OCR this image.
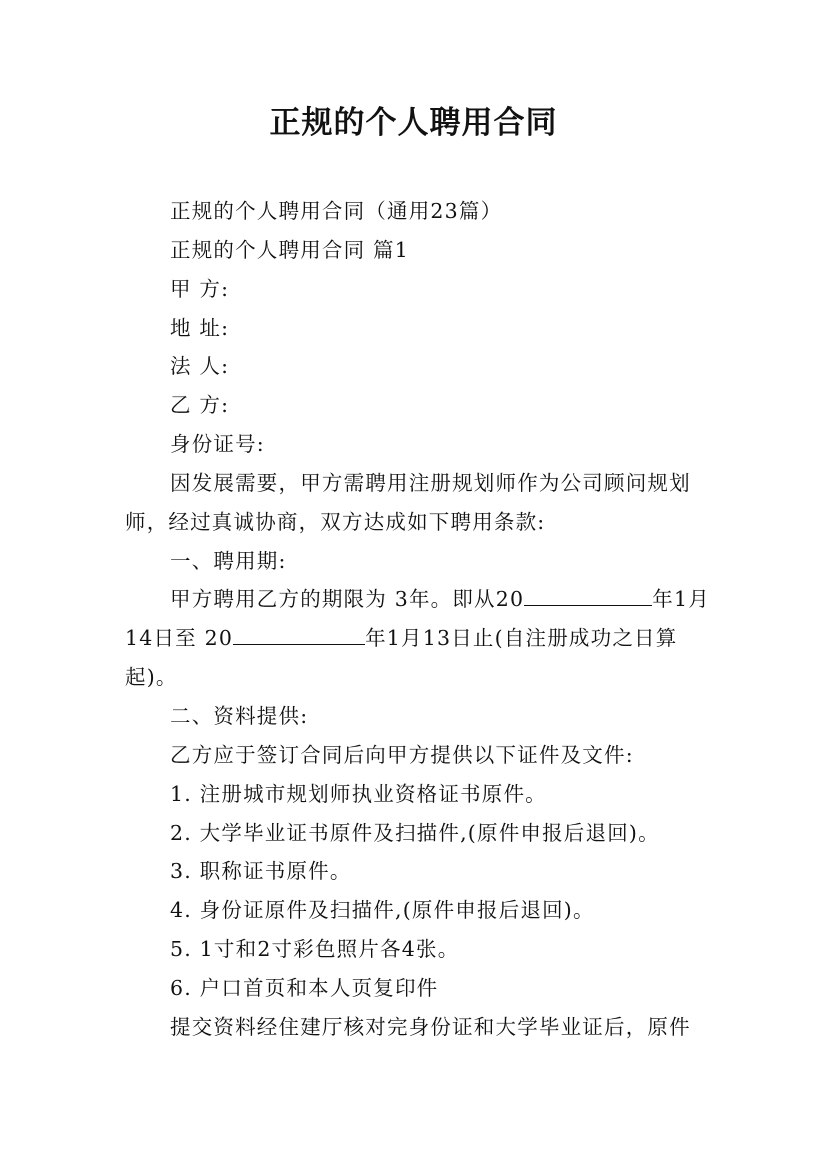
正规的个人聘用合同

正规的个人聘用合同（通用23篇）

正规的个人聘用合同 篇1

甲 方:

地 址:

法 人:

乙 方:

身份证号:

因发展需要，甲方需聘用注册规划师作为公司顾问规划师，经过真诚协商，双方达成如下聘用条款:

一、聘用期:

甲方聘用乙方的期限为 3年。即从20	年1月14日至 20	年1月13日止(自注册成功之日算起)。

二、资料提供:

乙方应于签订合同后向甲方提供以下证件及文件:

1. 注册城市规划师执业资格证书原件。

2. 大学毕业证书原件及扫描件,(原件申报后退回)。

3. 职称证书原件。

4. 身份证原件及扫描件,(原件申报后退回)。

5. 1寸和2寸彩色照片各4张。

6. 户口首页和本人页复印件

提交资料经住建厅核对完身份证和大学毕业证后，原件
